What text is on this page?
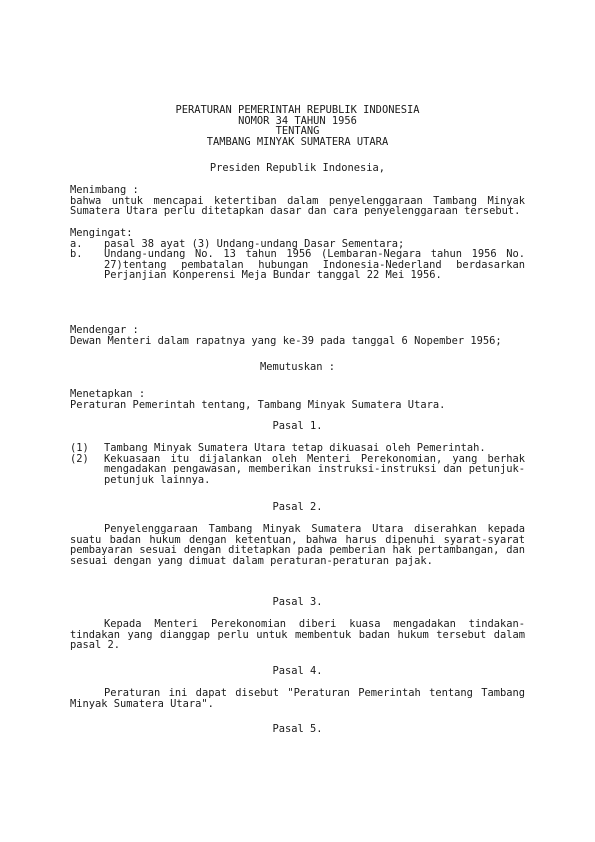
PERATURAN PEMERINTAH REPUBLIK INDONESIA
NOMOR 34 TAHUN 1956
TENTANG
TAMBANG MINYAK SUMATERA UTARA
Presiden Republik Indonesia,
Menimbang :
bahwa untuk mencapai ketertiban dalam penyelenggaraan Tambang Minyak Sumatera Utara perlu ditetapkan dasar dan cara penyelenggaraan tersebut.
Mengingat:
a.	pasal 38 ayat (3) Undang-undang Dasar Sementara;
b.	Undang-undang No. 13 tahun 1956 (Lembaran-Negara tahun 1956 No. 27)tentang pembatalan hubungan Indonesia-Nederland berdasarkan Perjanjian Konperensi Meja Bundar tanggal 22 Mei 1956.
Mendengar :
Dewan Menteri dalam rapatnya yang ke-39 pada tanggal 6 Nopember 1956;
Memutuskan :
Menetapkan :
Peraturan Pemerintah tentang, Tambang Minyak Sumatera Utara.
Pasal 1.
(1)	Tambang Minyak Sumatera Utara tetap dikuasai oleh Pemerintah.
(2)	Kekuasaan itu dijalankan oleh Menteri Perekonomian, yang berhak mengadakan pengawasan, memberikan instruksi-instruksi dan petunjuk-petunjuk lainnya.
Pasal 2.
Penyelenggaraan Tambang Minyak Sumatera Utara diserahkan kepada suatu badan hukum dengan ketentuan, bahwa harus dipenuhi syarat-syarat pembayaran sesuai dengan ditetapkan pada pemberian hak pertambangan, dan sesuai dengan yang dimuat dalam peraturan-peraturan pajak.
Pasal 3.
Kepada Menteri Perekonomian diberi kuasa mengadakan tindakan-tindakan yang dianggap perlu untuk membentuk badan hukum tersebut dalam pasal 2.
Pasal 4.
Peraturan ini dapat disebut "Peraturan Pemerintah tentang Tambang Minyak Sumatera Utara".
Pasal 5.
